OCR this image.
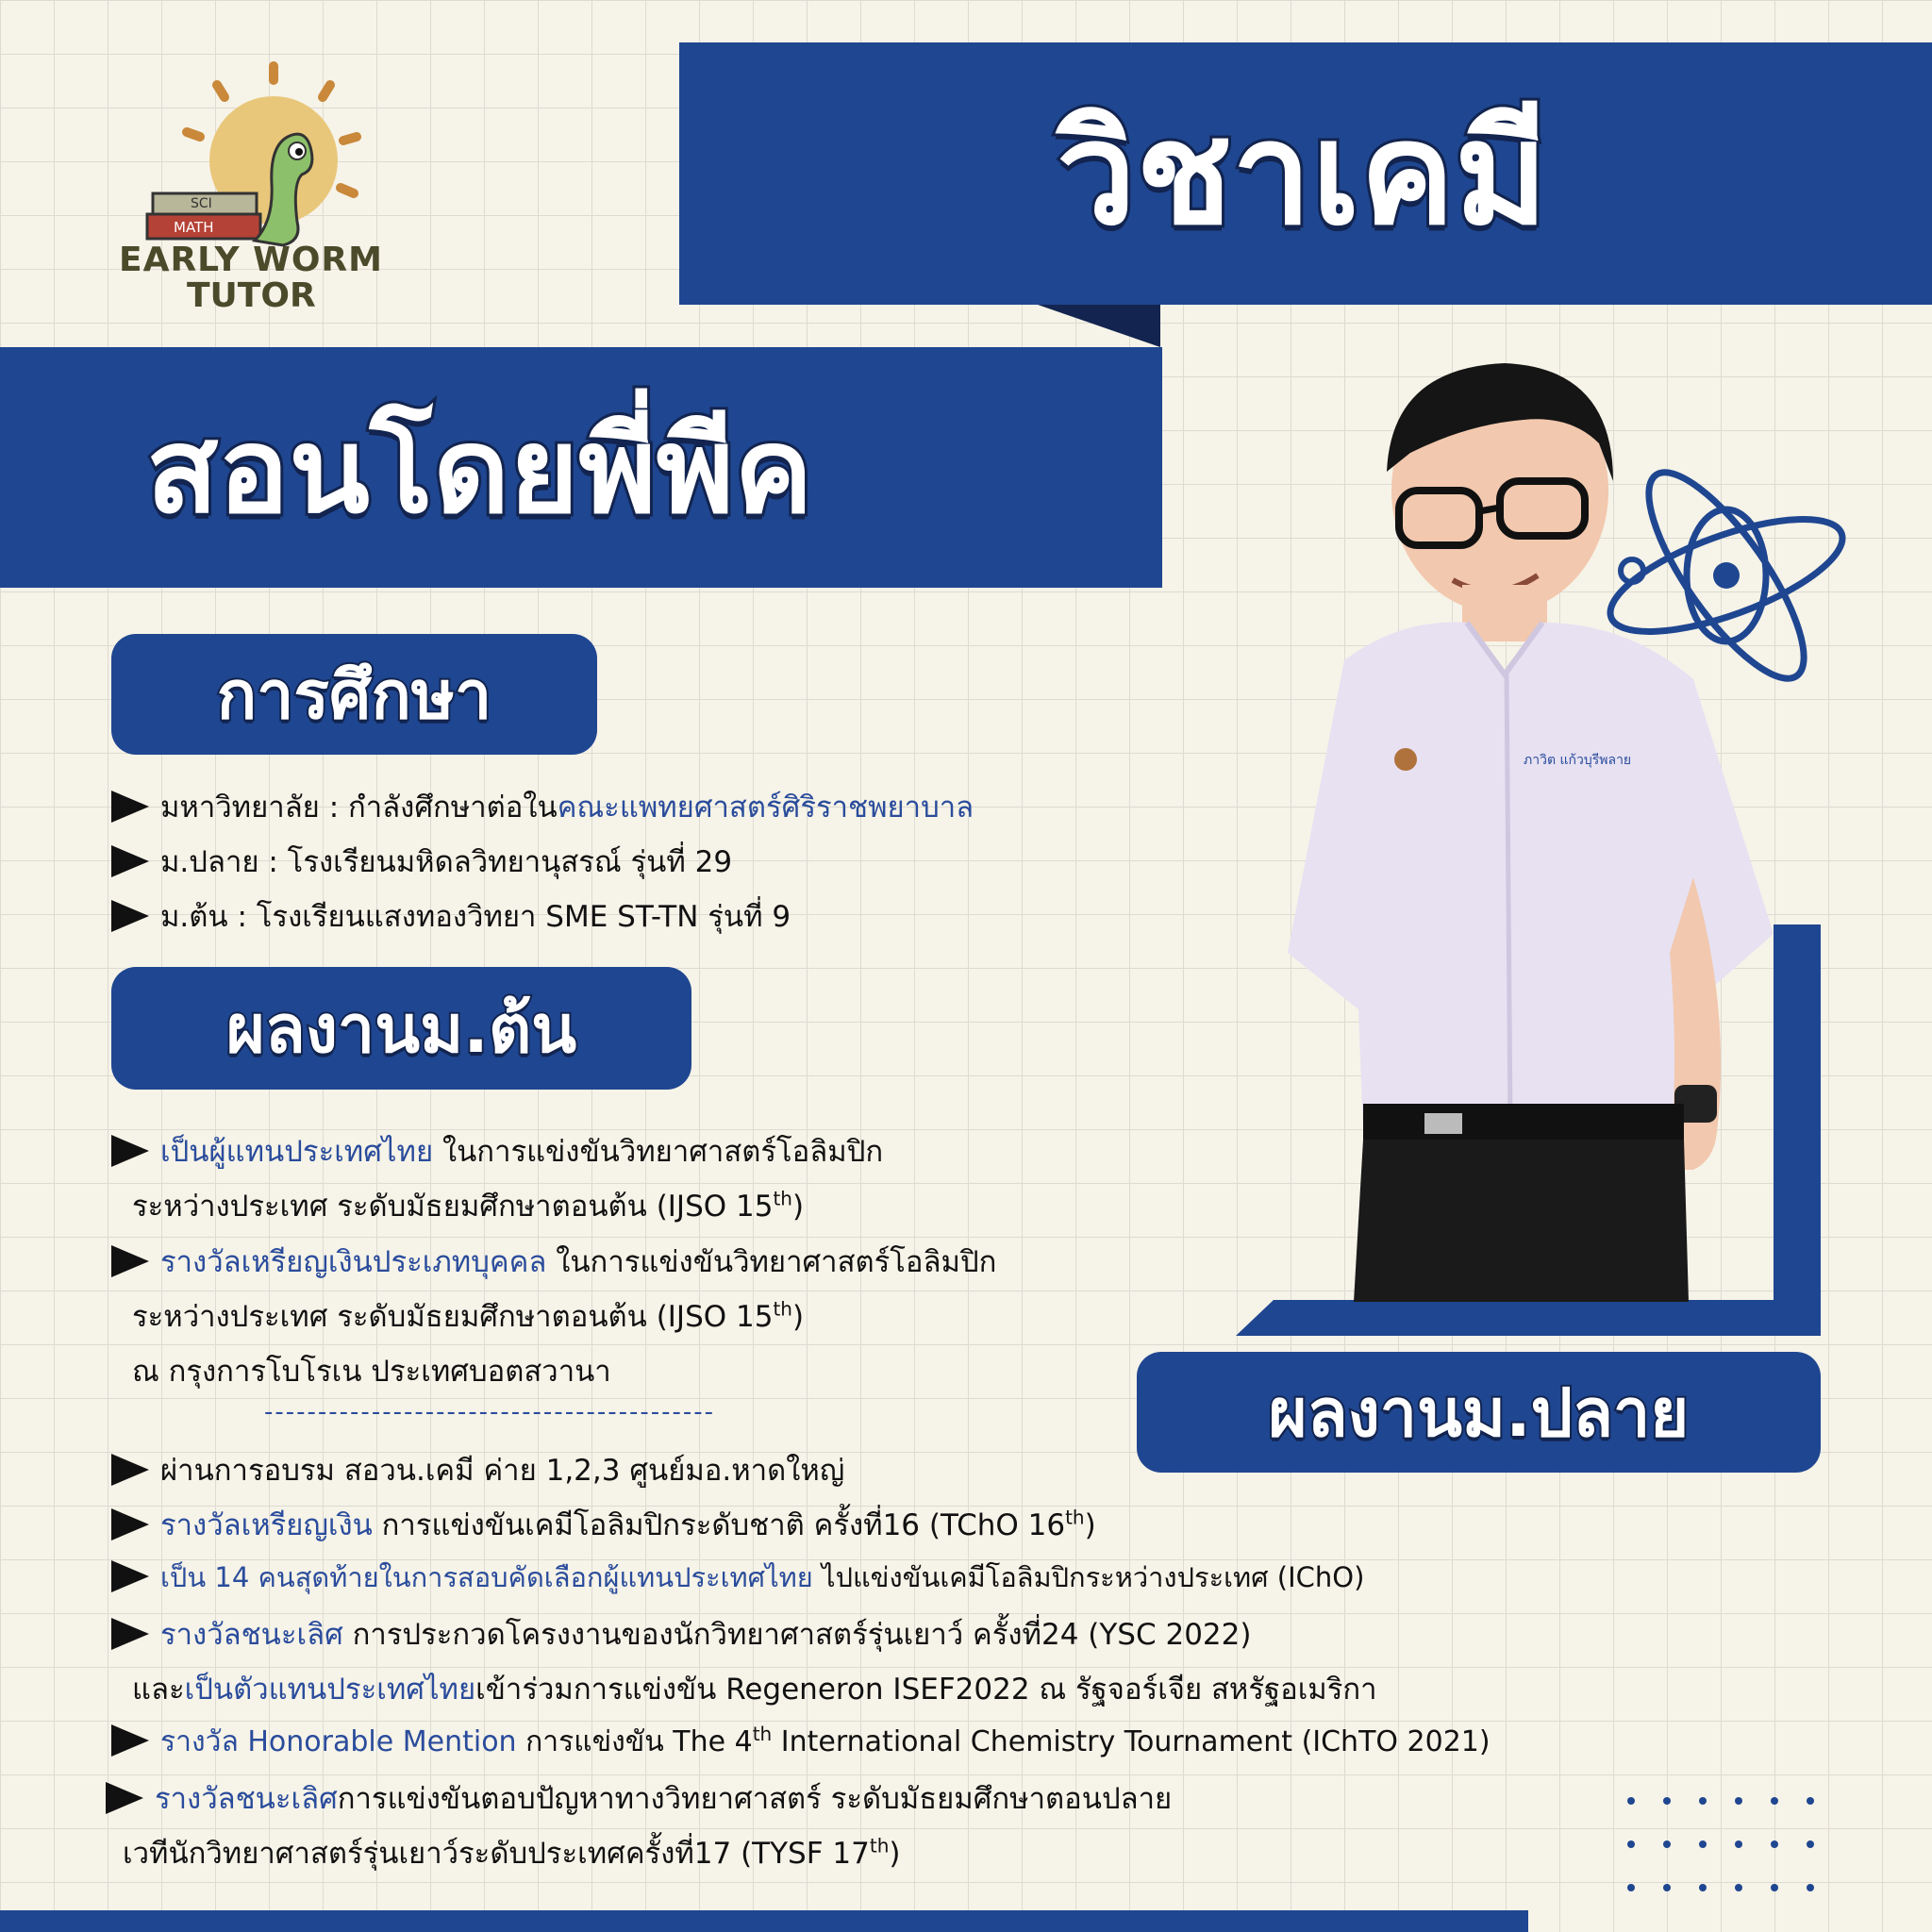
SCI
MATH
EARLY WORM
TUTOR
วิชาเคมี
สอนโดยพี่พีค
ภาวิต แก้วบุรีพลาย
การศึกษา
มหาวิทยาลัย : กำลังศึกษาต่อในคณะแพทยศาสตร์ศิริราชพยาบาล
ม.ปลาย : โรงเรียนมหิดลวิทยานุสรณ์ รุ่นที่ 29
ม.ต้น : โรงเรียนแสงทองวิทยา SME ST-TN รุ่นที่ 9
ผลงานม.ต้น
เป็นผู้แทนประเทศไทย ในการแข่งขันวิทยาศาสตร์โอลิมปิก
ระหว่างประเทศ ระดับมัธยมศึกษาตอนต้น (IJSO 15th)
รางวัลเหรียญเงินประเภทบุคคล ในการแข่งขันวิทยาศาสตร์โอลิมปิก
ระหว่างประเทศ ระดับมัธยมศึกษาตอนต้น (IJSO 15th)
ณ กรุงการโบโรเน ประเทศบอตสวานา
------------------------------------------	ผลงานม.ปลาย
ผ่านการอบรม สอวน.เคมี ค่าย 1,2,3 ศูนย์มอ.หาดใหญ่
รางวัลเหรียญเงิน การแข่งขันเคมีโอลิมปิกระดับชาติ ครั้งที่16 (TChO 16th)
เป็น 14 คนสุดท้ายในการสอบคัดเลือกผู้แทนประเทศไทย ไปแข่งขันเคมีโอลิมปิกระหว่างประเทศ (IChO)
รางวัลชนะเลิศ การประกวดโครงงานของนักวิทยาศาสตร์รุ่นเยาว์ ครั้งที่24 (YSC 2022)
และเป็นตัวแทนประเทศไทยเข้าร่วมการแข่งขัน Regeneron ISEF2022 ณ รัฐจอร์เจีย สหรัฐอเมริกา
รางวัล Honorable Mention การแข่งขัน The 4th International Chemistry Tournament (IChTO 2021)
รางวัลชนะเลิศการแข่งขันตอบปัญหาทางวิทยาศาสตร์ ระดับมัธยมศึกษาตอนปลาย
เวทีนักวิทยาศาสตร์รุ่นเยาว์ระดับประเทศครั้งที่17 (TYSF 17th)
